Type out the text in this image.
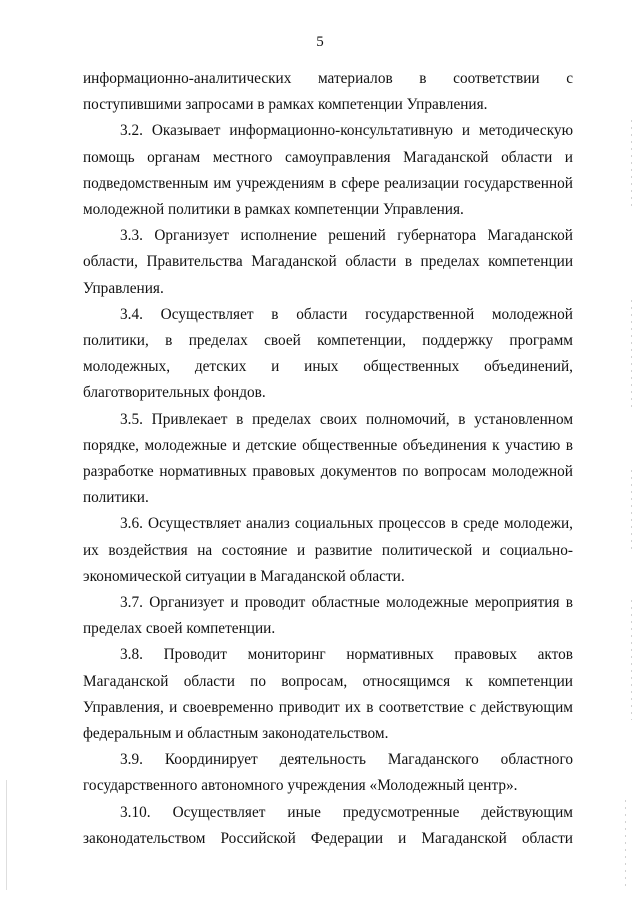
5

информационно-аналитических материалов в соответствии с поступившими запросами в рамках компетенции Управления.

3.2. Оказывает информационно-консультативную и методическую помощь органам местного самоуправления Магаданской области и подведомственным им учреждениям в сфере реализации государственной молодежной политики в рамках компетенции Управления.

3.3. Организует исполнение решений губернатора Магаданской области, Правительства Магаданской области в пределах компетенции Управления.

3.4. Осуществляет в области государственной молодежной политики, в пределах своей компетенции, поддержку программ молодежных, детских и иных общественных объединений, благотворительных фондов.

3.5. Привлекает в пределах своих полномочий, в установленном порядке, молодежные и детские общественные объединения к участию в разработке нормативных правовых документов по вопросам молодежной политики.

3.6. Осуществляет анализ социальных процессов в среде молодежи, их воздействия на состояние и развитие политической и социально-экономической ситуации в Магаданской области.

3.7. Организует и проводит областные молодежные мероприятия в пределах своей компетенции.

3.8. Проводит мониторинг нормативных правовых актов Магаданской области по вопросам, относящимся к компетенции Управления, и своевременно приводит их в соответствие с действующим федеральным и областным законодательством.

3.9. Координирует деятельность Магаданского областного государственного автономного учреждения «Молодежный центр».

3.10. Осуществляет иные предусмотренные действующим законодательством Российской Федерации и Магаданской области
